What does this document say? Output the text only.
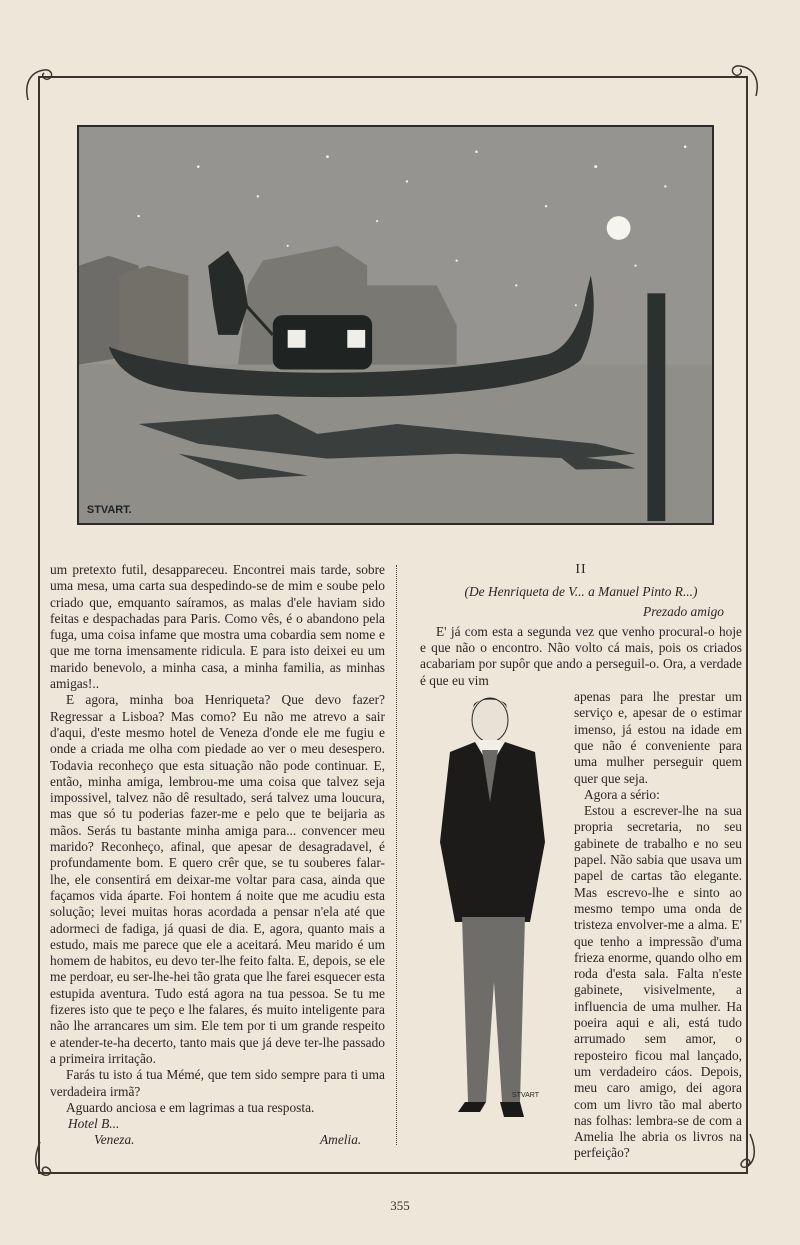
STVART.

um pretexto futil, desappareceu. Encontrei mais tarde, sobre uma mesa, uma carta sua despedindo-se de mim e soube pelo criado que, emquanto saíramos, as malas d'ele haviam sido feitas e despachadas para Paris. Como vês, é o abandono pela fuga, uma coisa infame que mostra uma cobardia sem nome e que me torna imensamente ridicula. E para isto deixei eu um marido benevolo, a minha casa, a minha familia, as minhas amigas!..

E agora, minha boa Henriqueta? Que devo fazer? Regressar a Lisboa? Mas como? Eu não me atrevo a sair d'aqui, d'este mesmo hotel de Veneza d'onde ele me fugiu e onde a criada me olha com piedade ao ver o meu desespero. Todavia reconheço que esta situação não pode continuar. E, então, minha amiga, lembrou-me uma coisa que talvez seja impossivel, talvez não dê resultado, será talvez uma loucura, mas que só tu poderias fazer-me e pelo que te beijaria as mãos. Serás tu bastante minha amiga para... convencer meu marido? Reconheço, afinal, que apesar de desagradavel, é profundamente bom. E quero crêr que, se tu souberes falar-lhe, ele consentirá em deixar-me voltar para casa, ainda que façamos vida áparte. Foi hontem á noite que me acudiu esta solução; levei muitas horas acordada a pensar n'ela até que adormeci de fadiga, já quasi de dia. E, agora, quanto mais a estudo, mais me parece que ele a aceitará. Meu marido é um homem de habitos, eu devo ter-lhe feito falta. E, depois, se ele me perdoar, eu ser-lhe-hei tão grata que lhe farei esquecer esta estupida aventura. Tudo está agora na tua pessoa. Se tu me fizeres isto que te peço e lhe falares, és muito inteligente para não lhe arrancares um sim. Ele tem por ti um grande respeito e atender-te-ha decerto, tanto mais que já deve ter-lhe passado a primeira irritação.

Farás tu isto á tua Mémé, que tem sido sempre para ti uma verdadeira irmã?

Aguardo anciosa e em lagrimas a tua resposta.

Hotel B...
Veneza.	Amelia.
II
(De Henriqueta de V... a Manuel Pinto R...)
Prezado amigo

E' já com esta a segunda vez que venho procural-o hoje e que não o encontro. Não volto cá mais, pois os criados acabariam por supôr que ando a perseguil-o. Ora, a verdade é que eu vim

apenas para lhe prestar um serviço e, apesar de o estimar imenso, já estou na idade em que não é conveniente para uma mulher perseguir quem quer que seja.

Agora a sério:

Estou a escrever-lhe na sua propria secretaria, no seu gabinete de trabalho e no seu papel. Não sabia que usava um papel de cartas tão elegante. Mas escrevo-lhe e sinto ao mesmo tempo uma onda de tristeza envolver-me a alma. E' que tenho a impressão d'uma frieza enorme, quando olho em roda d'esta sala. Falta n'este gabinete, visivelmente, a influencia de uma mulher. Ha poeira aqui e ali, está tudo arrumado sem amor, o reposteiro ficou mal lançado, um verdadeiro cáos. Depois, meu caro amigo, dei agora com um livro tão mal aberto nas folhas: lembra-se de com a Amelia lhe abria os livros na perfeição?

STVART
355
